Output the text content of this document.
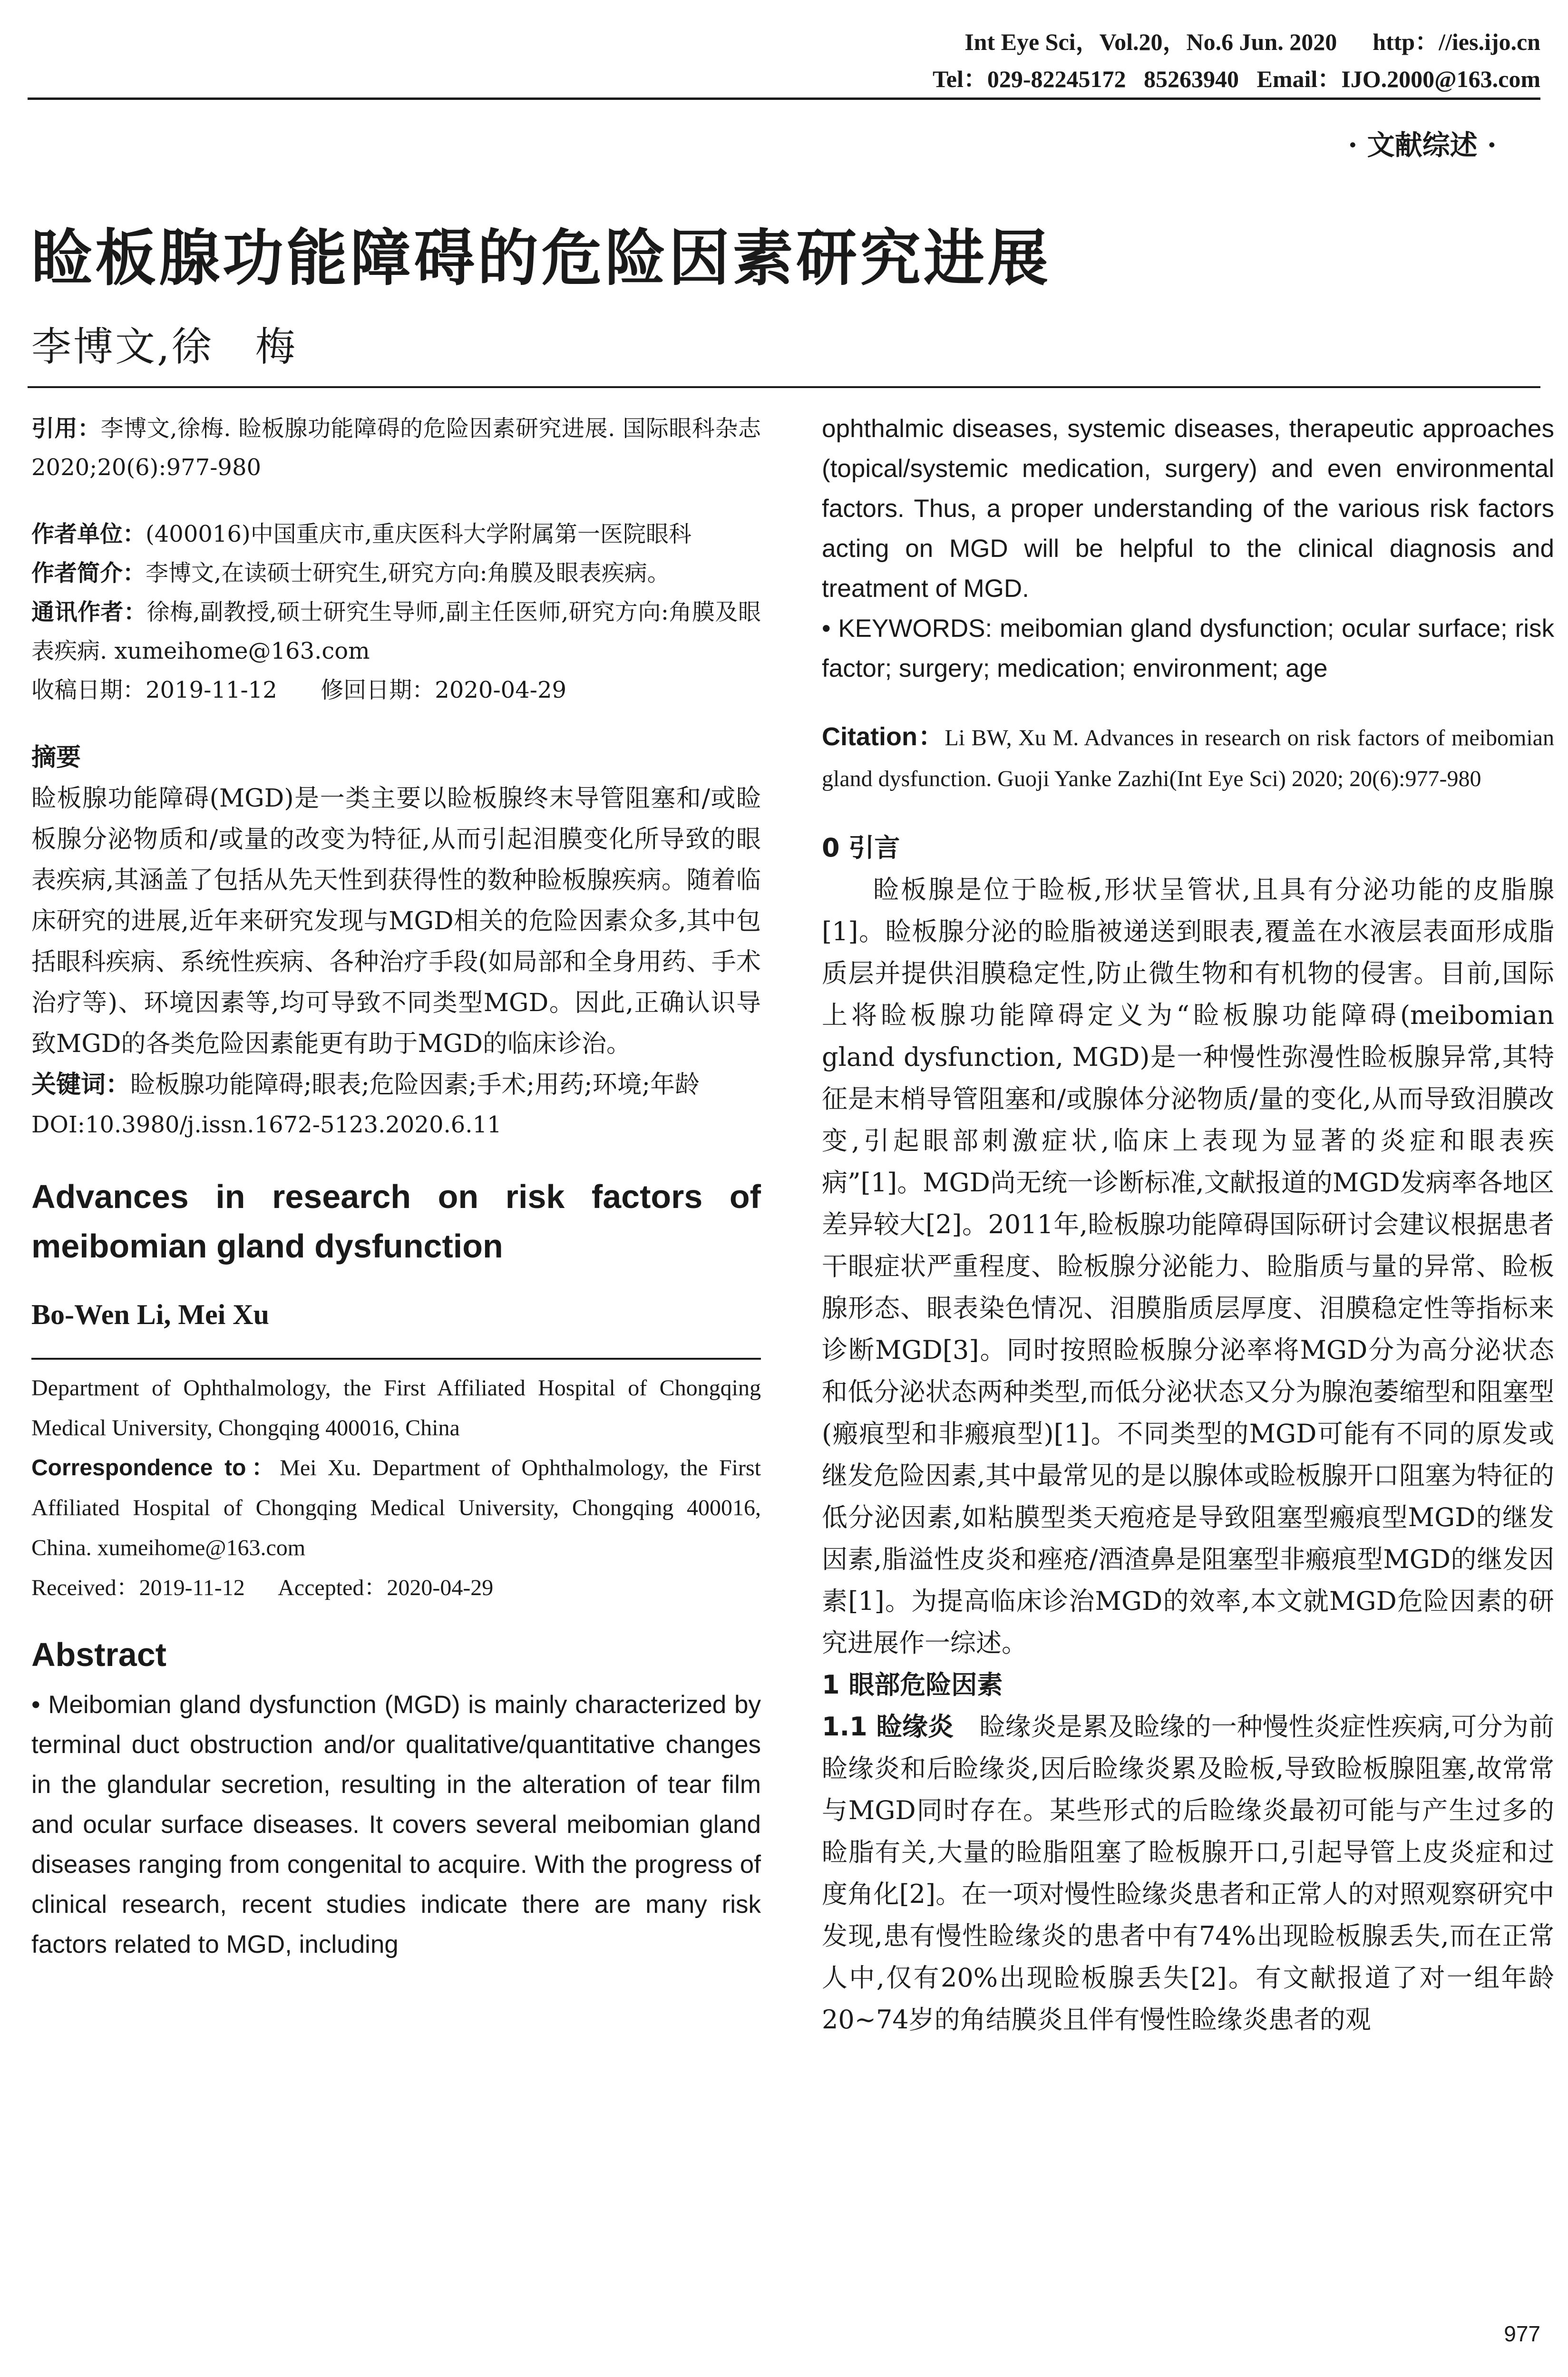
Int Eye Sci，Vol.20，No.6 Jun. 2020      http：//ies.ijo.cn
Tel：029-82245172   85263940   Email：IJO.2000@163.com
· 文献综述 ·
睑板腺功能障碍的危险因素研究进展
李博文,徐　梅
引用：李博文,徐梅. 睑板腺功能障碍的危险因素研究进展. 国际眼科杂志 2020;20(6):977-980
作者单位：(400016)中国重庆市,重庆医科大学附属第一医院眼科
作者简介：李博文,在读硕士研究生,研究方向:角膜及眼表疾病。
通讯作者：徐梅,副教授,硕士研究生导师,副主任医师,研究方向:角膜及眼表疾病. xumeihome@163.com
收稿日期：2019-11-12      修回日期：2020-04-29
摘要
睑板腺功能障碍(MGD)是一类主要以睑板腺终末导管阻塞和/或睑板腺分泌物质和/或量的改变为特征,从而引起泪膜变化所导致的眼表疾病,其涵盖了包括从先天性到获得性的数种睑板腺疾病。随着临床研究的进展,近年来研究发现与MGD相关的危险因素众多,其中包括眼科疾病、系统性疾病、各种治疗手段(如局部和全身用药、手术治疗等)、环境因素等,均可导致不同类型MGD。因此,正确认识导致MGD的各类危险因素能更有助于MGD的临床诊治。
关键词：睑板腺功能障碍;眼表;危险因素;手术;用药;环境;年龄
DOI:10.3980/j.issn.1672-5123.2020.6.11
Advances in research on risk factors of meibomian gland dysfunction
Bo-Wen Li, Mei Xu
Department of Ophthalmology, the First Affiliated Hospital of Chongqing Medical University, Chongqing 400016, China
Correspondence to：Mei Xu. Department of Ophthalmology, the First Affiliated Hospital of Chongqing Medical University, Chongqing 400016, China. xumeihome@163.com
Received：2019-11-12      Accepted：2020-04-29
Abstract
• Meibomian gland dysfunction (MGD) is mainly characterized by terminal duct obstruction and/or qualitative/quantitative changes in the glandular secretion, resulting in the alteration of tear film and ocular surface diseases. It covers several meibomian gland diseases ranging from congenital to acquire. With the progress of clinical research, recent studies indicate there are many risk factors related to MGD, including
ophthalmic diseases, systemic diseases, therapeutic approaches (topical/systemic medication, surgery) and even environmental factors. Thus, a proper understanding of the various risk factors acting on MGD will be helpful to the clinical diagnosis and treatment of MGD.
• KEYWORDS: meibomian gland dysfunction; ocular surface; risk factor; surgery; medication; environment; age
Citation：Li BW, Xu M. Advances in research on risk factors of meibomian gland dysfunction. Guoji Yanke Zazhi(Int Eye Sci) 2020; 20(6):977-980
0 引言
睑板腺是位于睑板,形状呈管状,且具有分泌功能的皮脂腺[1]。睑板腺分泌的睑脂被递送到眼表,覆盖在水液层表面形成脂质层并提供泪膜稳定性,防止微生物和有机物的侵害。目前,国际上将睑板腺功能障碍定义为“睑板腺功能障碍(meibomian gland dysfunction, MGD)是一种慢性弥漫性睑板腺异常,其特征是末梢导管阻塞和/或腺体分泌物质/量的变化,从而导致泪膜改变,引起眼部刺激症状,临床上表现为显著的炎症和眼表疾病”[1]。MGD尚无统一诊断标准,文献报道的MGD发病率各地区差异较大[2]。2011年,睑板腺功能障碍国际研讨会建议根据患者干眼症状严重程度、睑板腺分泌能力、睑脂质与量的异常、睑板腺形态、眼表染色情况、泪膜脂质层厚度、泪膜稳定性等指标来诊断MGD[3]。同时按照睑板腺分泌率将MGD分为高分泌状态和低分泌状态两种类型,而低分泌状态又分为腺泡萎缩型和阻塞型(瘢痕型和非瘢痕型)[1]。不同类型的MGD可能有不同的原发或继发危险因素,其中最常见的是以腺体或睑板腺开口阻塞为特征的低分泌因素,如粘膜型类天疱疮是导致阻塞型瘢痕型MGD的继发因素,脂溢性皮炎和痤疮/酒渣鼻是阻塞型非瘢痕型MGD的继发因素[1]。为提高临床诊治MGD的效率,本文就MGD危险因素的研究进展作一综述。
1 眼部危险因素
1.1 睑缘炎　 睑缘炎是累及睑缘的一种慢性炎症性疾病,可分为前睑缘炎和后睑缘炎,因后睑缘炎累及睑板,导致睑板腺阻塞,故常常与MGD同时存在。某些形式的后睑缘炎最初可能与产生过多的睑脂有关,大量的睑脂阻塞了睑板腺开口,引起导管上皮炎症和过度角化[2]。在一项对慢性睑缘炎患者和正常人的对照观察研究中发现,患有慢性睑缘炎的患者中有74%出现睑板腺丢失,而在正常人中,仅有20%出现睑板腺丢失[2]。有文献报道了对一组年龄20~74岁的角结膜炎且伴有慢性睑缘炎患者的观
977
